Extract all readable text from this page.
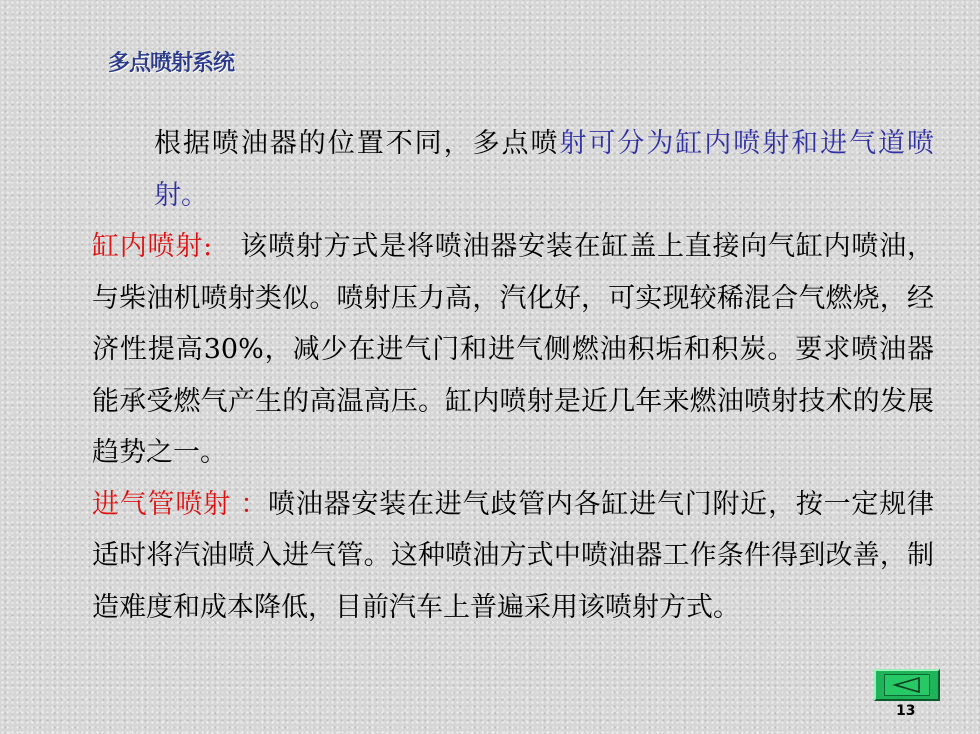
多点喷射系统

根据喷油器的位置不同，多点喷射可分为缸内喷射和进气道喷射。

缸内喷射:   该喷射方式是将喷油器安装在缸盖上直接向气缸内喷油，与柴油机喷射类似。喷射压力高，汽化好，可实现较稀混合气燃烧，经济性提高30%，减少在进气门和进气侧燃油积垢和积炭。要求喷油器能承受燃气产生的高温高压。缸内喷射是近几年来燃油喷射技术的发展趋势之一。

进气管喷射 ：喷油器安装在进气歧管内各缸进气门附近，按一定规律适时将汽油喷入进气管。这种喷油方式中喷油器工作条件得到改善，制造难度和成本降低，目前汽车上普遍采用该喷射方式。

13
